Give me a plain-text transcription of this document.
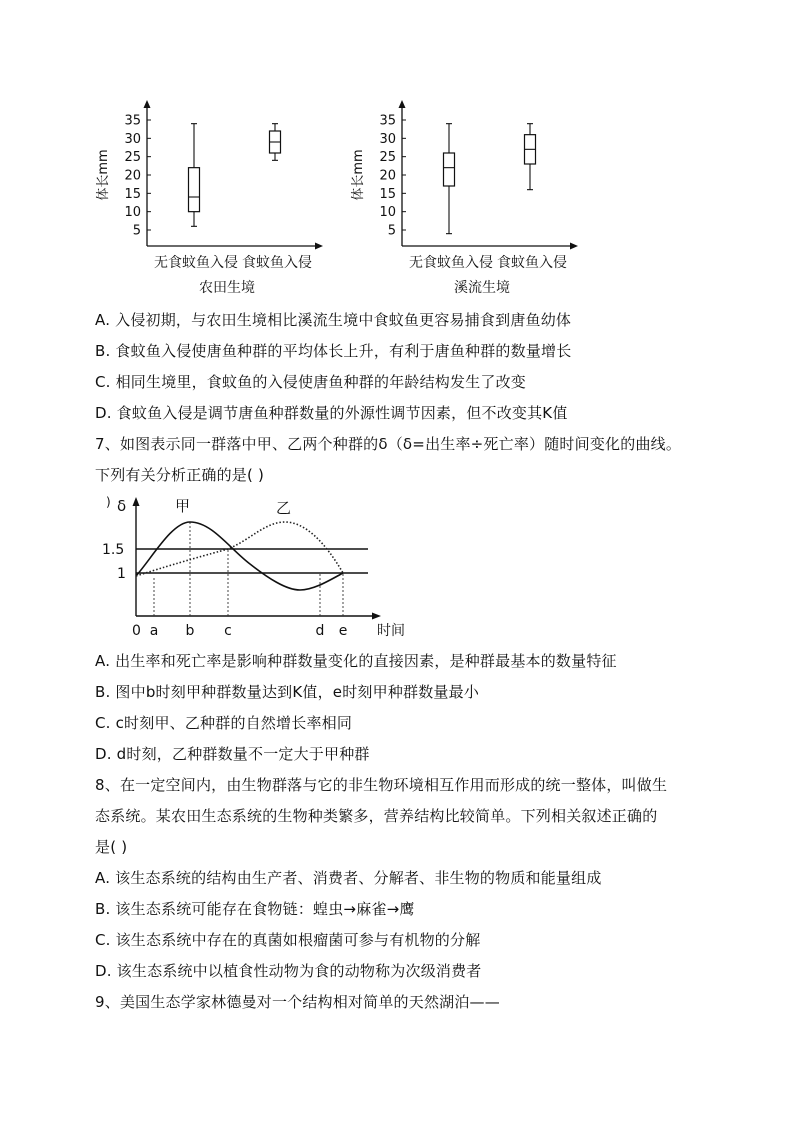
35
30
25
20
15
10
5
体长mm
无食蚊鱼入侵 食蚊鱼入侵
农田生境
35
30
25
20
15
10
5
体长mm
无食蚊鱼入侵 食蚊鱼入侵
溪流生境
A. 入侵初期，与农田生境相比溪流生境中食蚊鱼更容易捕食到唐鱼幼体
B. 食蚊鱼入侵使唐鱼种群的平均体长上升，有利于唐鱼种群的数量增长
C. 相同生境里，食蚊鱼的入侵使唐鱼种群的年龄结构发生了改变
D. 食蚊鱼入侵是调节唐鱼种群数量的外源性调节因素，但不改变其K值
7、如图表示同一群落中甲、乙两个种群的δ（δ=出生率÷死亡率）随时间变化的曲线。
下列有关分析正确的是( )
) δ
1.5
1
0 a b c	d e 时间
甲	乙
A. 出生率和死亡率是影响种群数量变化的直接因素，是种群最基本的数量特征
B. 图中b时刻甲种群数量达到K值，e时刻甲种群数量最小
C. c时刻甲、乙种群的自然增长率相同
D. d时刻，乙种群数量不一定大于甲种群
8、在一定空间内，由生物群落与它的非生物环境相互作用而形成的统一整体，叫做生
态系统。某农田生态系统的生物种类繁多，营养结构比较简单。下列相关叙述正确的
是( )
A. 该生态系统的结构由生产者、消费者、分解者、非生物的物质和能量组成
B. 该生态系统可能存在食物链：蝗虫→麻雀→鹰
C. 该生态系统中存在的真菌如根瘤菌可参与有机物的分解
D. 该生态系统中以植食性动物为食的动物称为次级消费者
9、美国生态学家林德曼对一个结构相对简单的天然湖泊——
